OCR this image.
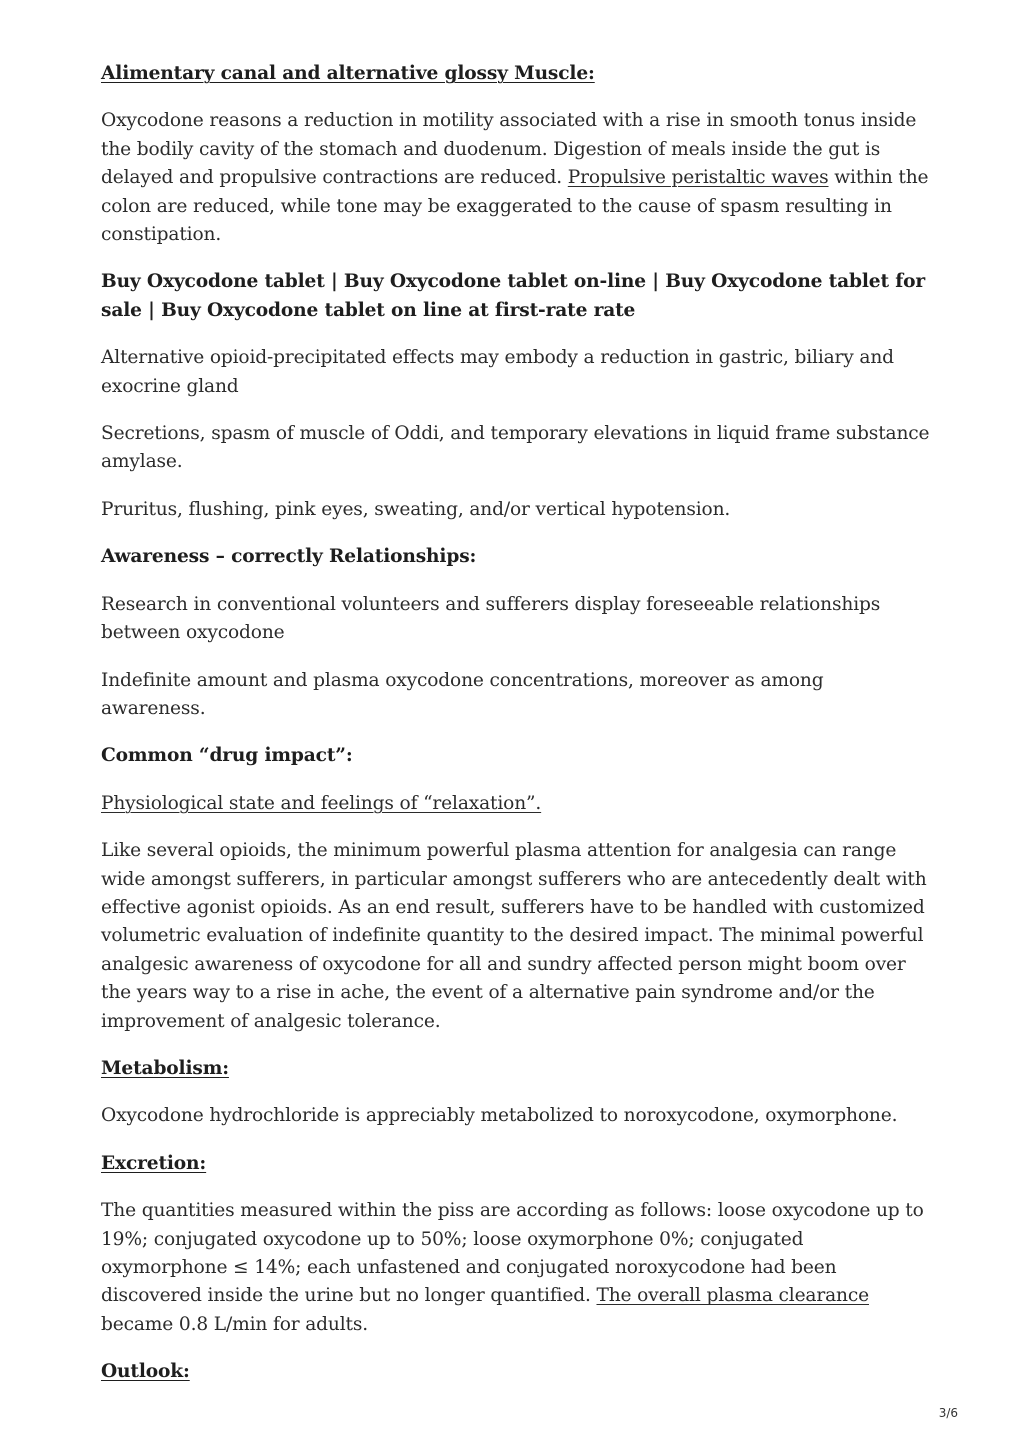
Alimentary canal and alternative glossy Muscle:

Oxycodone reasons a reduction in motility associated with a rise in smooth tonus inside the bodily cavity of the stomach and duodenum. Digestion of meals inside the gut is delayed and propulsive contractions are reduced. Propulsive peristaltic waves within the colon are reduced, while tone may be exaggerated to the cause of spasm resulting in constipation.

Buy Oxycodone tablet | Buy Oxycodone tablet on-line | Buy Oxycodone tablet for sale | Buy Oxycodone tablet on line at first-rate rate

Alternative opioid-precipitated effects may embody a reduction in gastric, biliary and exocrine gland

Secretions, spasm of muscle of Oddi, and temporary elevations in liquid frame substance amylase.

Pruritus, flushing, pink eyes, sweating, and/or vertical hypotension.

Awareness – correctly Relationships:

Research in conventional volunteers and sufferers display foreseeable relationships between oxycodone

Indefinite amount and plasma oxycodone concentrations, moreover as among awareness.

Common “drug impact”:

Physiological state and feelings of “relaxation”.

Like several opioids, the minimum powerful plasma attention for analgesia can range wide amongst sufferers, in particular amongst sufferers who are antecedently dealt with effective agonist opioids. As an end result, sufferers have to be handled with customized volumetric evaluation of indefinite quantity to the desired impact. The minimal powerful analgesic awareness of oxycodone for all and sundry affected person might boom over the years way to a rise in ache, the event of a alternative pain syndrome and/or the improvement of analgesic tolerance.

Metabolism:

Oxycodone hydrochloride is appreciably metabolized to noroxycodone, oxymorphone.

Excretion:

The quantities measured within the piss are according as follows: loose oxycodone up to 19%; conjugated oxycodone up to 50%; loose oxymorphone 0%; conjugated oxymorphone ≤ 14%; each unfastened and conjugated noroxycodone had been discovered inside the urine but no longer quantified. The overall plasma clearance became 0.8 L/min for adults.

Outlook:

3/6
